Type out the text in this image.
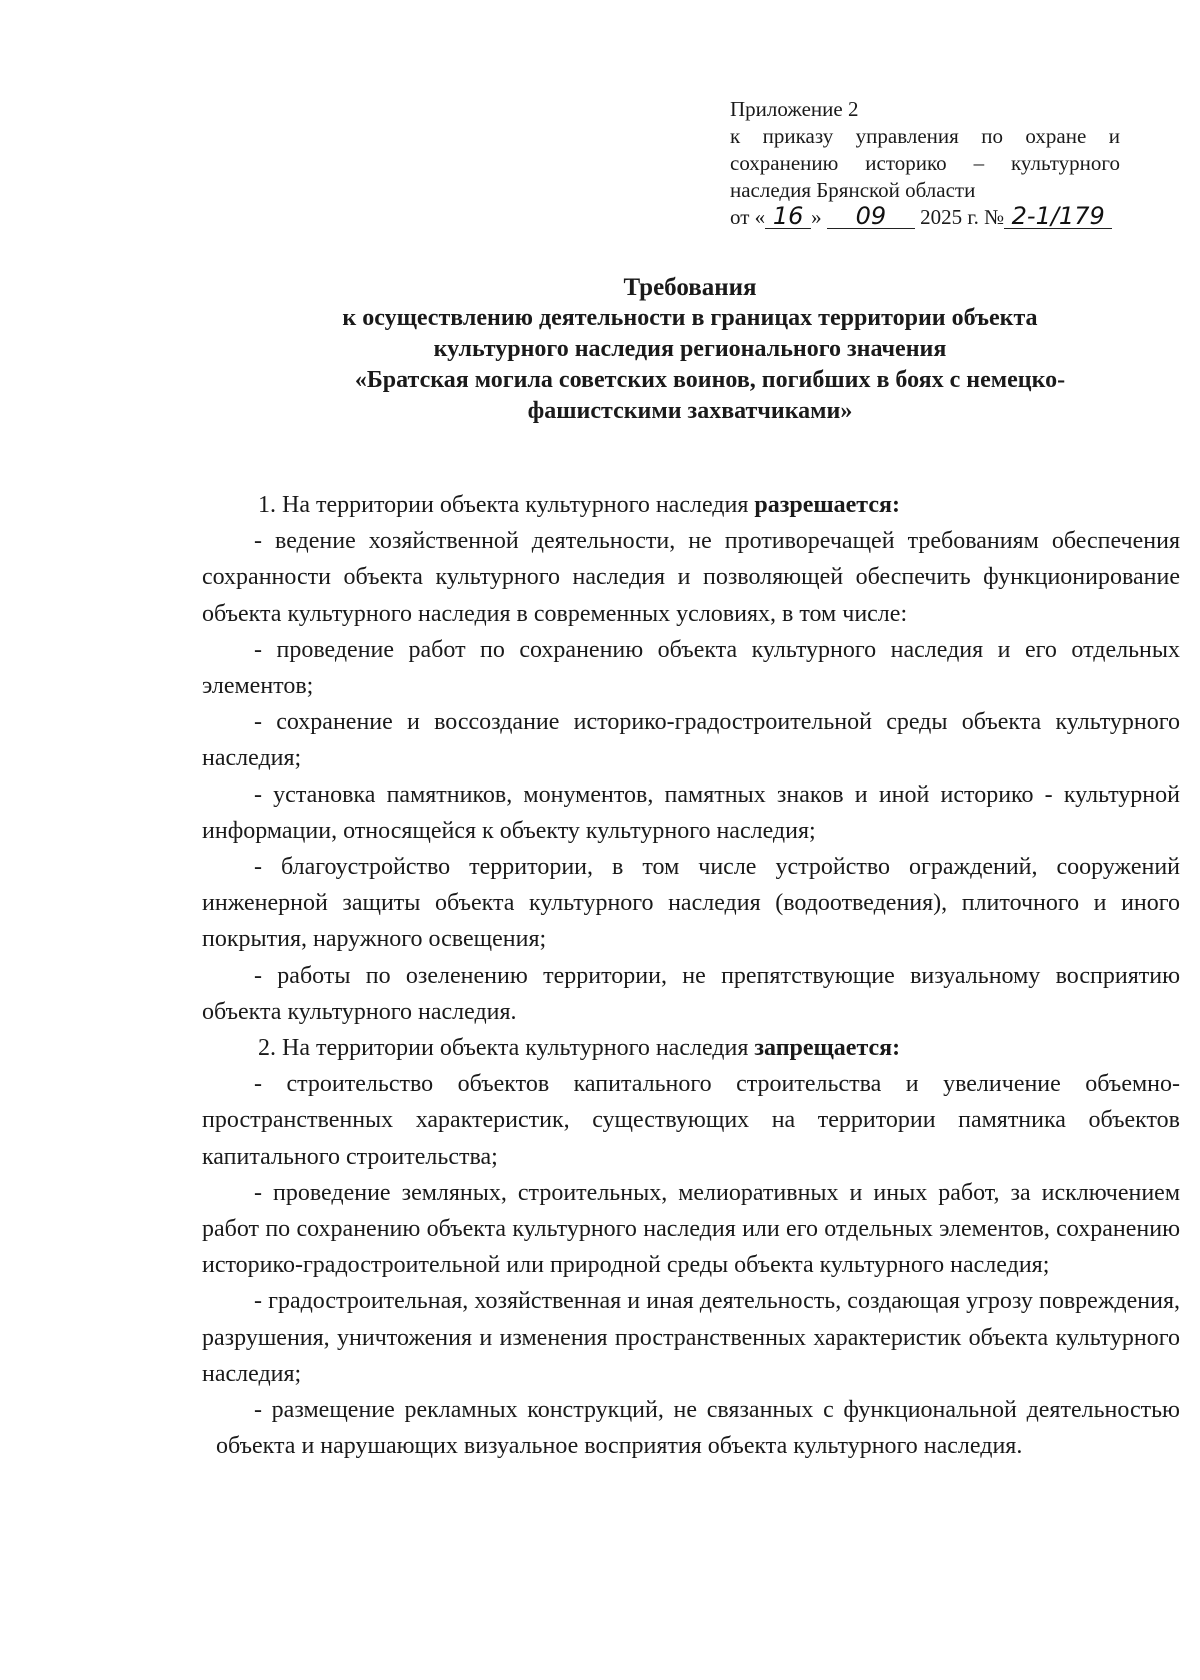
Приложение 2
к приказу управления по охране и
сохранению историко – культурного
наследия Брянской области
от « 16 » 09 2025 г. № 2-1/179
Требования
к осуществлению деятельности в границах территории объекта
культурного наследия регионального значения
«Братская могила советских воинов, погибших в боях с немецко-
фашистскими захватчиками»

1. На территории объекта культурного наследия разрешается:

- ведение хозяйственной деятельности, не противоречащей требованиям обеспечения сохранности объекта культурного наследия и позволяющей обеспечить функционирование объекта культурного наследия в современных условиях, в том числе:

- проведение работ по сохранению объекта культурного наследия и его отдельных элементов;

- сохранение и воссоздание историко-градостроительной среды объекта культурного наследия;

- установка памятников, монументов, памятных знаков и иной историко - культурной информации, относящейся к объекту культурного наследия;

- благоустройство территории, в том числе устройство ограждений, сооружений инженерной защиты объекта культурного наследия (водоотведения), плиточного и иного покрытия, наружного освещения;

- работы по озеленению территории, не препятствующие визуальному восприятию объекта культурного наследия.

2. На территории объекта культурного наследия запрещается:

- строительство объектов капитального строительства и увеличение объемно-пространственных характеристик, существующих на территории памятника объектов капитального строительства;

- проведение земляных, строительных, мелиоративных и иных работ, за исключением работ по сохранению объекта культурного наследия или его отдельных элементов, сохранению историко-градостроительной или природной среды объекта культурного наследия;

- градостроительная, хозяйственная и иная деятельность, создающая угрозу повреждения, разрушения, уничтожения и изменения пространственных характеристик объекта культурного наследия;

- размещение рекламных конструкций, не связанных с функциональной деятельностью объекта и нарушающих визуальное восприятия объекта культурного наследия.
